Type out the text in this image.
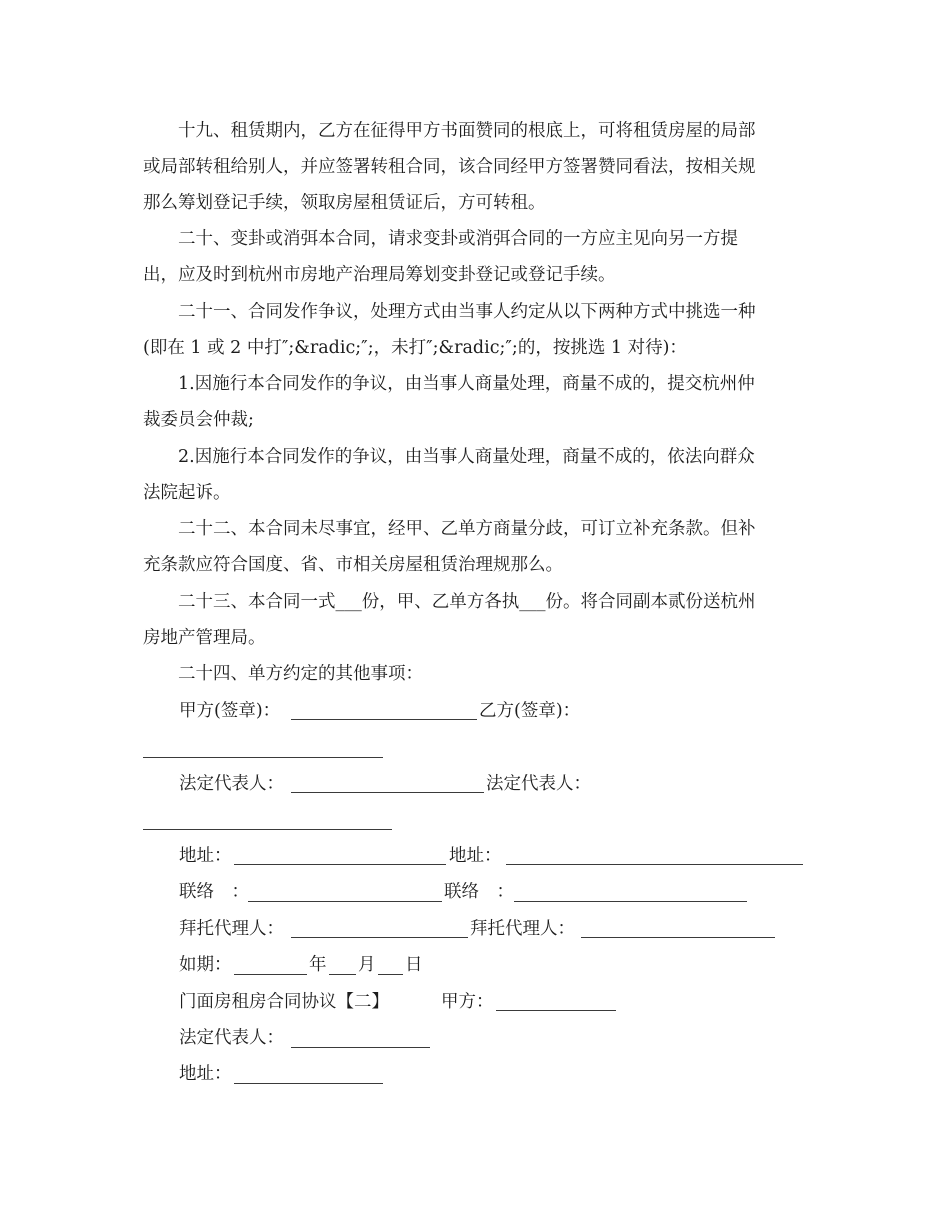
　　十九、租赁期内，乙方在征得甲方书面赞同的根底上，可将租赁房屋的局部
或局部转租给别人，并应签署转租合同，该合同经甲方签署赞同看法，按相关规
那么筹划登记手续，领取房屋租赁证后，方可转租。
　　二十、变卦或消弭本合同，请求变卦或消弭合同的一方应主见向另一方提
出，应及时到杭州市房地产治理局筹划变卦登记或登记手续。
　　二十一、合同发作争议，处理方式由当事人约定从以下两种方式中挑选一种
(即在 1 或 2 中打″;&radic;″;，未打″;&radic;″;的，按挑选 1 对待)：
　　1.因施行本合同发作的争议，由当事人商量处理，商量不成的，提交杭州仲
裁委员会仲裁;
　　2.因施行本合同发作的争议，由当事人商量处理，商量不成的，依法向群众
法院起诉。
　　二十二、本合同未尽事宜，经甲、乙单方商量分歧，可订立补充条款。但补
充条款应符合国度、省、市相关房屋租赁治理规那么。
　　二十三、本合同一式___份，甲、乙单方各执___份。将合同副本贰份送杭州
房地产管理局。
　　二十四、单方约定的其他事项：
甲方(签章)：	乙方(签章)：
法定代表人：	法定代表人：
地址：	地址：
联络　：	联络　：
拜托代理人：	拜托代理人：
如期：	年 月 日
门面房租房合同协议【二】	甲方：
法定代表人：
地址：
